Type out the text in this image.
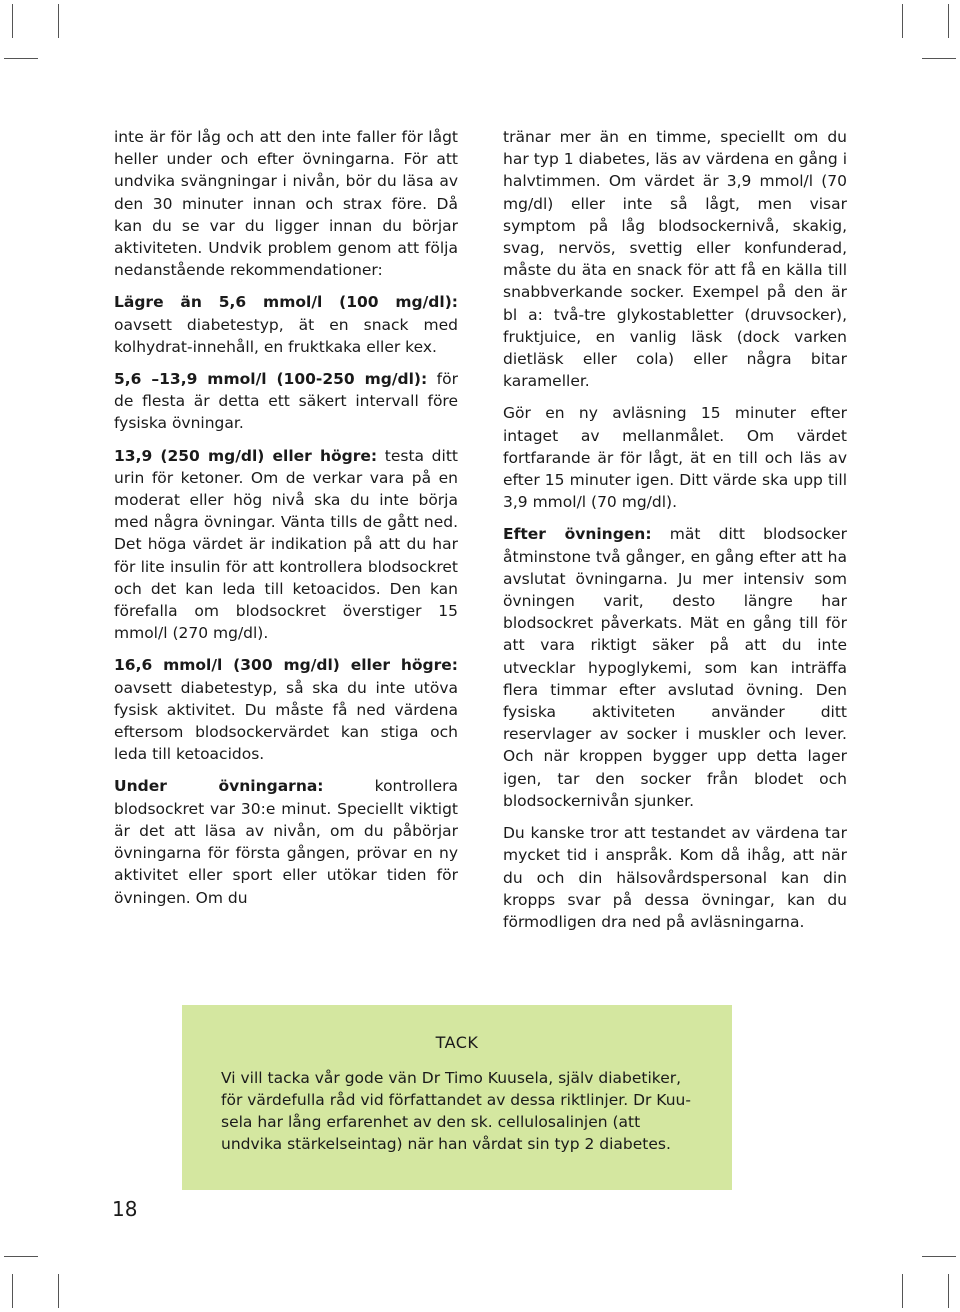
inte är för låg och att den inte faller för lågt heller under och efter övningarna. För att undvika svängningar i nivån, bör du läsa av den 30 minuter innan och strax före. Då kan du se var du ligger innan du börjar aktiviteten. Undvik problem genom att följa nedanstående rekommendationer:

Lägre än 5,6 mmol/l (100 mg/dl): oavsett diabetestyp, ät en snack med kolhydrat-innehåll, en fruktkaka eller kex.

5,6 –13,9 mmol/l (100-250 mg/dl): för de flesta är detta ett säkert intervall före fysiska övningar.

13,9 (250 mg/dl) eller högre: testa ditt urin för ketoner. Om de verkar vara på en moderat eller hög nivå ska du inte börja med några övningar. Vänta tills de gått ned. Det höga värdet är indikation på att du har för lite insulin för att kontrollera blodsockret och det kan leda till ketoacidos. Den kan förefalla om blodsockret överstiger 15 mmol/l (270 mg/dl).

16,6 mmol/l (300 mg/dl) eller högre: oavsett diabetestyp, så ska du inte utöva fysisk aktivitet. Du måste få ned värdena eftersom blodsockervärdet kan stiga och leda till ketoacidos.

Under övningarna: kontrollera blodsockret var 30:e minut. Speciellt viktigt är det att läsa av nivån, om du påbörjar övningarna för första gången, prövar en ny aktivitet eller sport eller utökar tiden för övningen. Om du

tränar mer än en timme, speciellt om du har typ 1 diabetes, läs av värdena en gång i halvtimmen. Om värdet är 3,9 mmol/l (70 mg/dl) eller inte så lågt, men visar symptom på låg blodsockernivå, skakig, svag, nervös, svettig eller konfunderad, måste du äta en snack för att få en källa till snabbverkande socker. Exempel på den är bl a: två-tre glykostabletter (druvsocker), fruktjuice, en vanlig läsk (dock varken dietläsk eller cola) eller några bitar karameller.

Gör en ny avläsning 15 minuter efter intaget av mellanmålet. Om värdet fortfarande är för lågt, ät en till och läs av efter 15 minuter igen. Ditt värde ska upp till 3,9 mmol/l (70 mg/dl).

Efter övningen: mät ditt blodsocker åtminstone två gånger, en gång efter att ha avslutat övningarna. Ju mer intensiv som övningen varit, desto längre har blodsockret påverkats. Mät en gång till för att vara riktigt säker på att du inte utvecklar hypoglykemi, som kan inträffa flera timmar efter avslutad övning. Den fysiska aktiviteten använder ditt reservlager av socker i muskler och lever. Och när kroppen bygger upp detta lager igen, tar den socker från blodet och blodsockernivån sjunker.

Du kanske tror att testandet av värdena tar mycket tid i anspråk. Kom då ihåg, att när du och din hälsovårdspersonal kan din kropps svar på dessa övningar, kan du förmodligen dra ned på avläsningarna.

TACK

Vi vill tacka vår gode vän Dr Timo Kuusela, själv diabetiker, för värdefulla råd vid författandet av dessa riktlinjer. Dr Kuu-sela har lång erfarenhet av den sk. cellulosalinjen (att undvika stärkelseintag) när han vårdat sin typ 2 diabetes.

18
